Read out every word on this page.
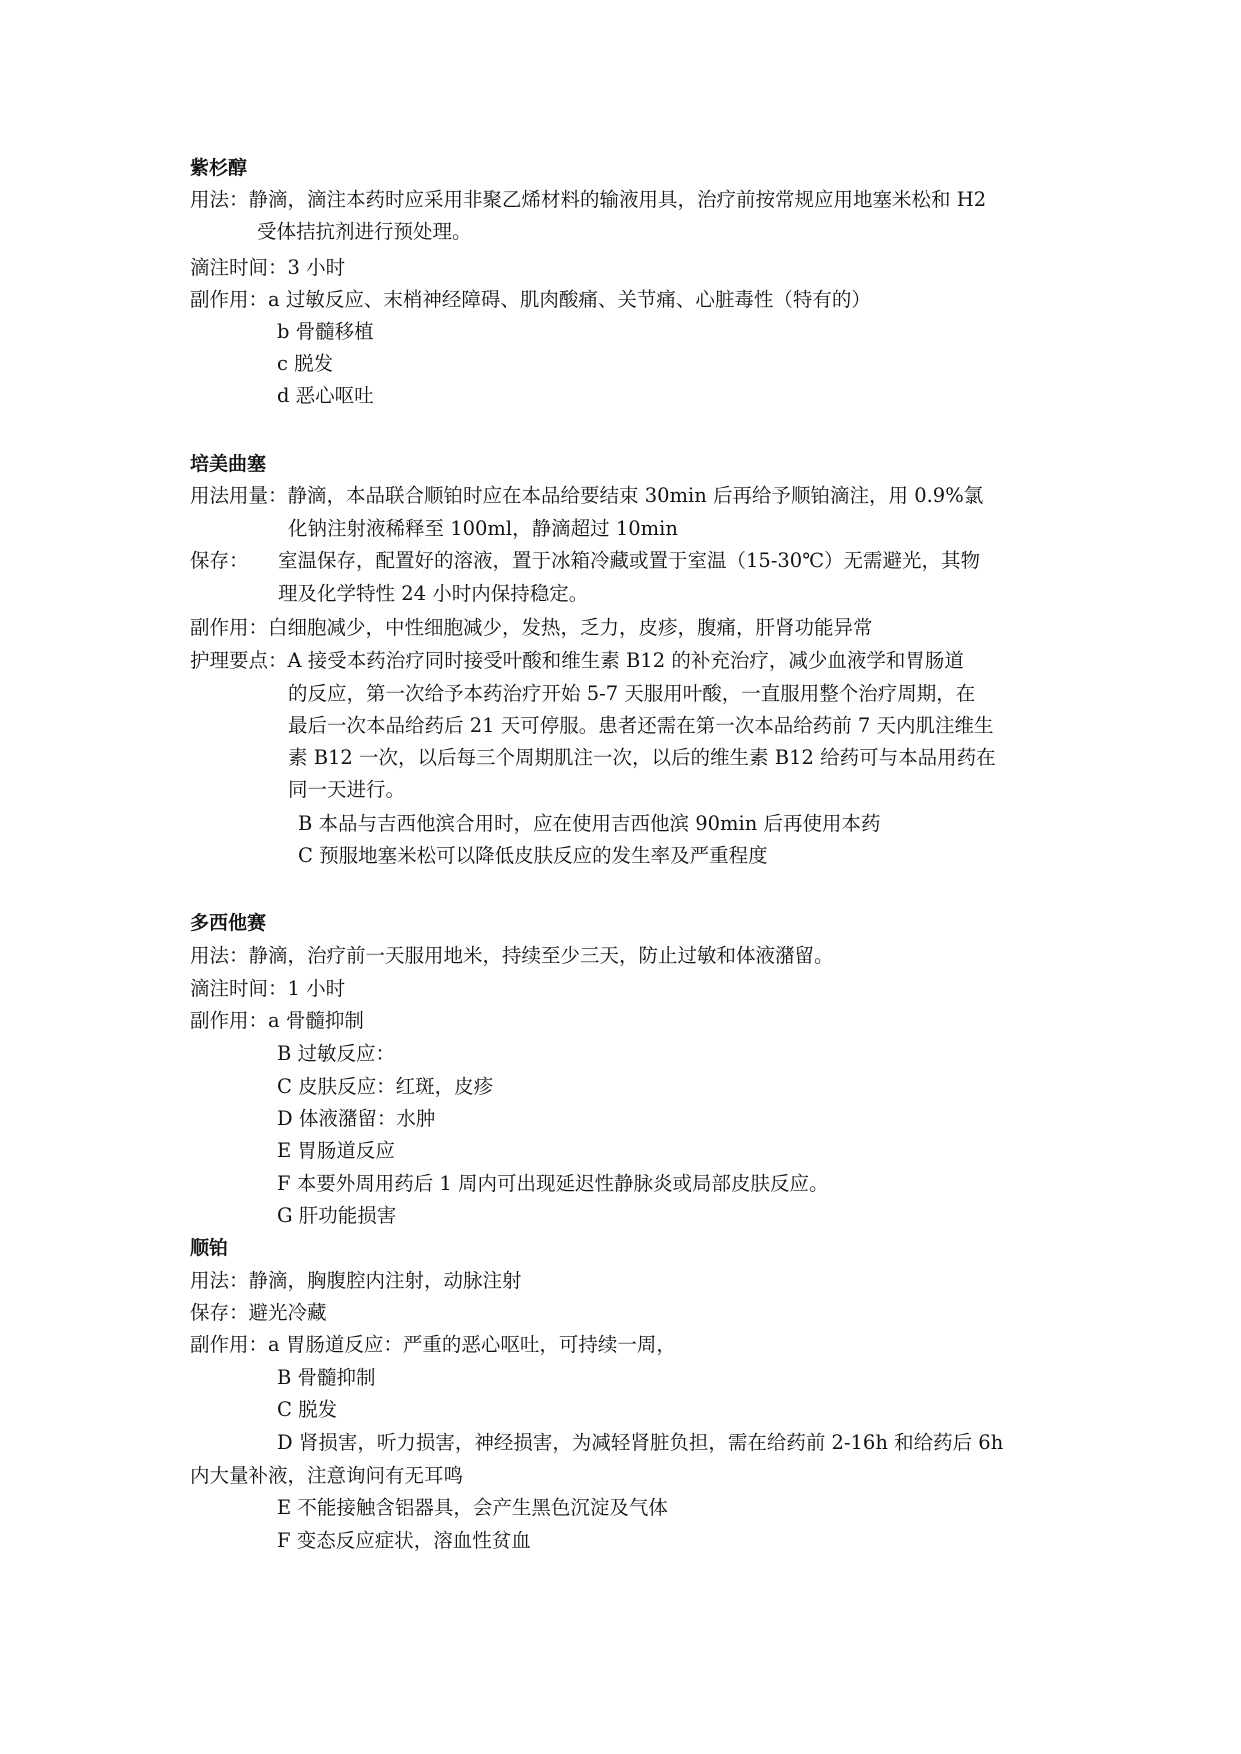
紫杉醇
用法：静滴，滴注本药时应采用非聚乙烯材料的输液用具，治疗前按常规应用地塞米松和 H2
受体拮抗剂进行预处理。
滴注时间：3 小时
副作用：a 过敏反应、末梢神经障碍、肌肉酸痛、关节痛、心脏毒性（特有的）
b 骨髓移植
c 脱发
d 恶心呕吐
培美曲塞
用法用量：静滴，本品联合顺铂时应在本品给要结束 30min 后再给予顺铂滴注，用 0.9%氯
化钠注射液稀释至 100ml，静滴超过 10min
保存： 室温保存，配置好的溶液，置于冰箱冷藏或置于室温（15-30℃）无需避光，其物
理及化学特性 24 小时内保持稳定。
副作用：白细胞减少，中性细胞减少，发热，乏力，皮疹，腹痛，肝肾功能异常
护理要点：A 接受本药治疗同时接受叶酸和维生素 B12 的补充治疗，减少血液学和胃肠道
的反应，第一次给予本药治疗开始 5-7 天服用叶酸，一直服用整个治疗周期，在
最后一次本品给药后 21 天可停服。患者还需在第一次本品给药前 7 天内肌注维生
素 B12 一次，以后每三个周期肌注一次，以后的维生素 B12 给药可与本品用药在
同一天进行。
B 本品与吉西他滨合用时，应在使用吉西他滨 90min 后再使用本药
C 预服地塞米松可以降低皮肤反应的发生率及严重程度
多西他赛
用法：静滴，治疗前一天服用地米，持续至少三天，防止过敏和体液潴留。
滴注时间：1 小时
副作用：a 骨髓抑制
B 过敏反应：
C 皮肤反应：红斑，皮疹
D 体液潴留：水肿
E 胃肠道反应
F 本要外周用药后 1 周内可出现延迟性静脉炎或局部皮肤反应。
G 肝功能损害
顺铂
用法：静滴，胸腹腔内注射，动脉注射
保存：避光冷藏
副作用：a 胃肠道反应：严重的恶心呕吐，可持续一周，
B 骨髓抑制
C 脱发
D 肾损害，听力损害，神经损害，为减轻肾脏负担，需在给药前 2-16h 和给药后 6h
内大量补液，注意询问有无耳鸣
E 不能接触含铝器具，会产生黑色沉淀及气体
F 变态反应症状，溶血性贫血
